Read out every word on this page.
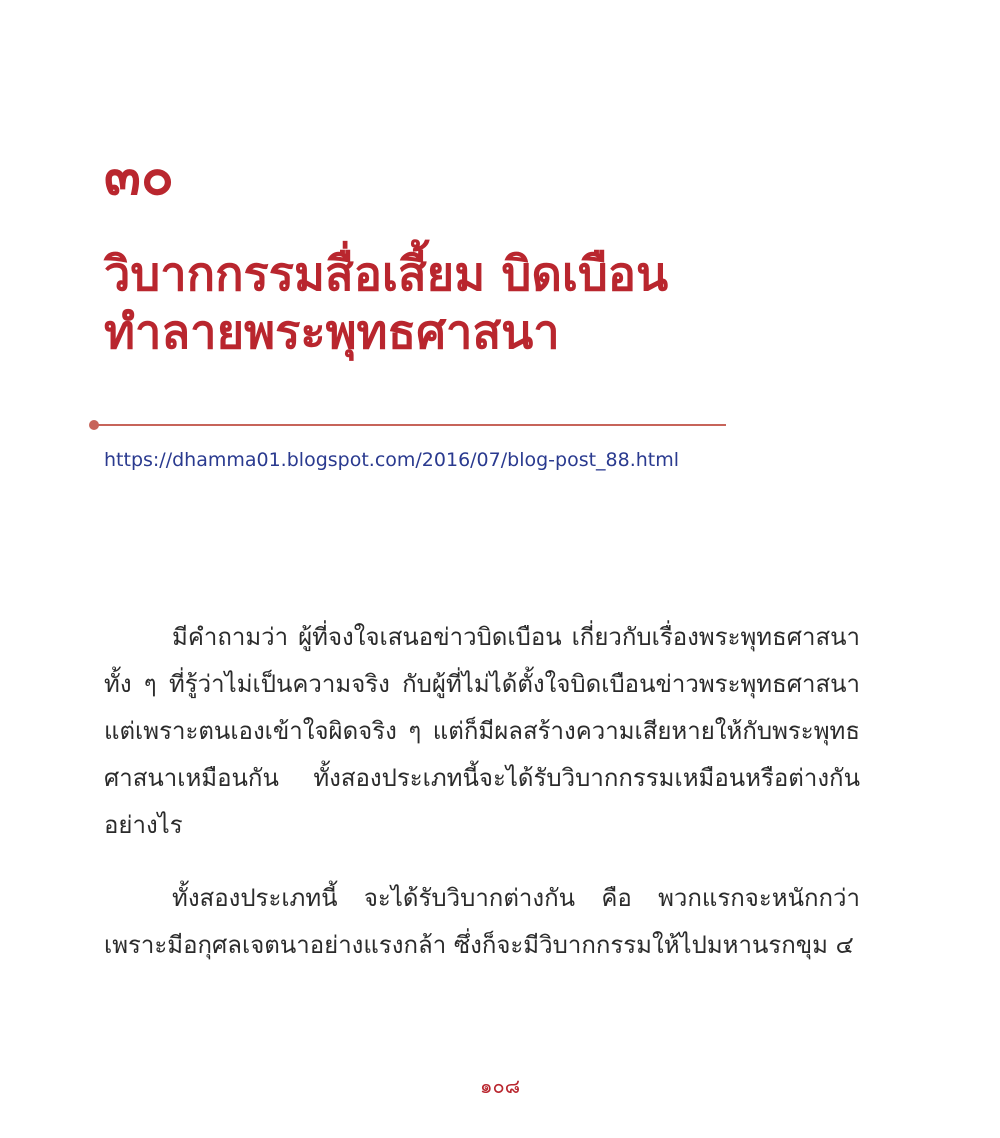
๓๐
วิบากกรรมสื่อเสี้ยม บิดเบือน
ทำลายพระพุทธศาสนา
https://dhamma01.blogspot.com/2016/07/blog-post_88.html

มีคำถามว่า ผู้ที่จงใจเสนอข่าวบิดเบือน เกี่ยวกับเรื่องพระพุทธศาสนา ทั้ง ๆ ที่รู้ว่าไม่เป็นความจริง กับผู้ที่ไม่ได้ตั้งใจบิดเบือนข่าวพระพุทธศาสนา แต่เพราะตนเองเข้าใจผิดจริง ๆ แต่ก็มีผลสร้างความเสียหายให้กับพระพุทธศาสนาเหมือนกัน ทั้งสองประเภทนี้จะได้รับวิบากกรรมเหมือนหรือต่างกันอย่างไร

ทั้งสองประเภทนี้ จะได้รับวิบากต่างกัน คือ พวกแรกจะหนักกว่า เพราะมีอกุศลเจตนาอย่างแรงกล้า ซึ่งก็จะมีวิบากกรรมให้ไปมหานรกขุม ๔

๑๐๘
